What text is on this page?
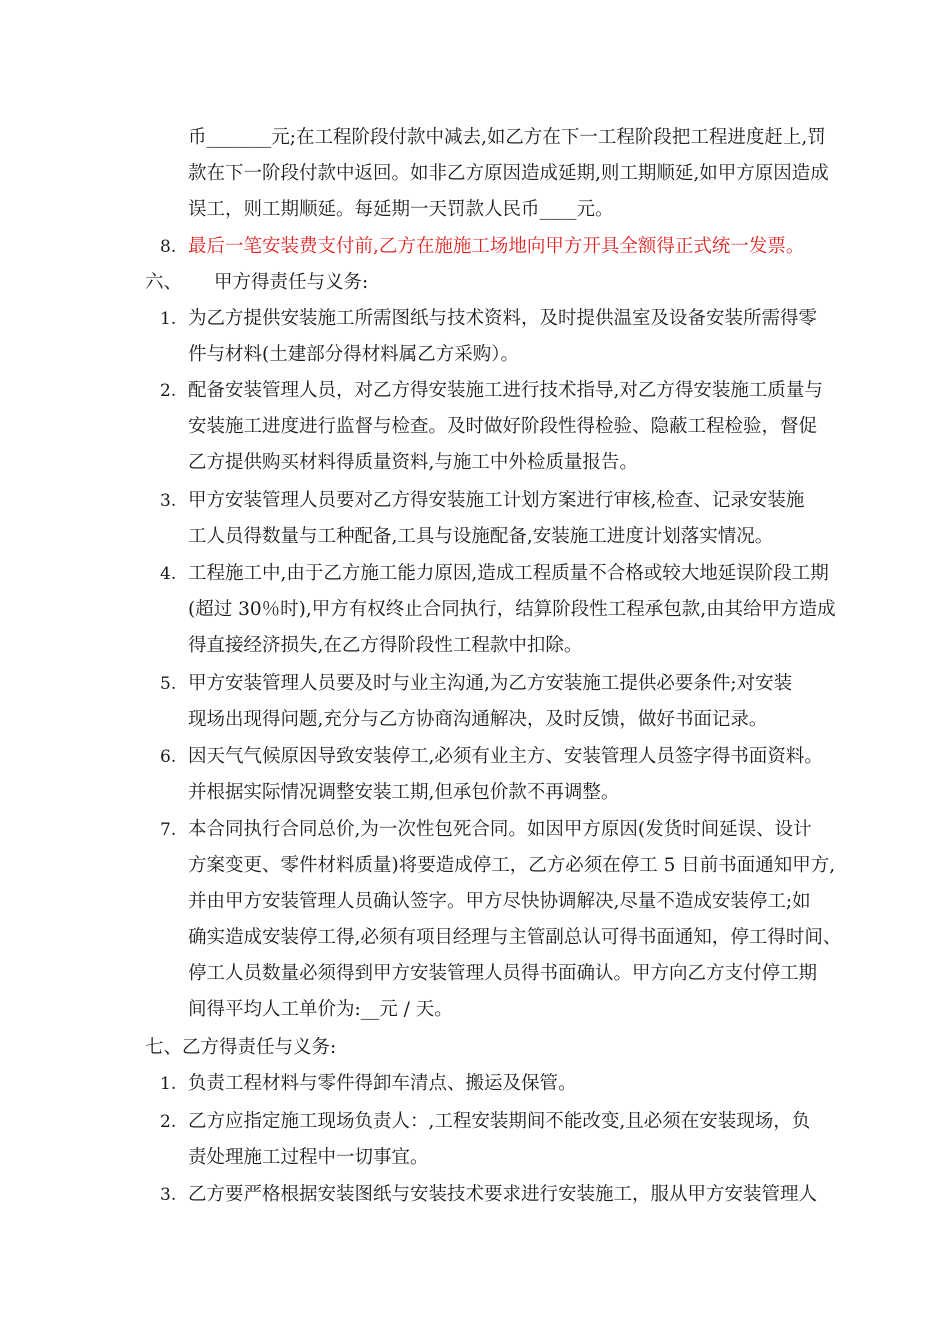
币_______元;在工程阶段付款中减去,如乙方在下一工程阶段把工程进度赶上,罚
款在下一阶段付款中返回。如非乙方原因造成延期,则工期顺延,如甲方原因造成
误工，则工期顺延。每延期一天罚款人民币____元。
8. 最后一笔安装费支付前,乙方在施施工场地向甲方开具全额得正式统一发票。
六、 甲方得责任与义务:
1. 为乙方提供安装施工所需图纸与技术资料，及时提供温室及设备安装所需得零
件与材料(土建部分得材料属乙方采购）。
2. 配备安装管理人员，对乙方得安装施工进行技术指导,对乙方得安装施工质量与
安装施工进度进行监督与检查。及时做好阶段性得检验、隐蔽工程检验，督促
乙方提供购买材料得质量资料,与施工中外检质量报告。
3. 甲方安装管理人员要对乙方得安装施工计划方案进行审核,检查、记录安装施
工人员得数量与工种配备,工具与设施配备,安装施工进度计划落实情况。
4. 工程施工中,由于乙方施工能力原因,造成工程质量不合格或较大地延误阶段工期
(超过 30％时),甲方有权终止合同执行，结算阶段性工程承包款,由其给甲方造成
得直接经济损失,在乙方得阶段性工程款中扣除。
5. 甲方安装管理人员要及时与业主沟通,为乙方安装施工提供必要条件;对安装
现场出现得问题,充分与乙方协商沟通解决，及时反馈，做好书面记录。
6. 因天气气候原因导致安装停工,必须有业主方、安装管理人员签字得书面资料。
并根据实际情况调整安装工期,但承包价款不再调整。
7. 本合同执行合同总价,为一次性包死合同。如因甲方原因(发货时间延误、设计
方案变更、零件材料质量)将要造成停工，乙方必须在停工 5 日前书面通知甲方,
并由甲方安装管理人员确认签字。甲方尽快协调解决,尽量不造成安装停工;如
确实造成安装停工得,必须有项目经理与主管副总认可得书面通知，停工得时间、
停工人员数量必须得到甲方安装管理人员得书面确认。甲方向乙方支付停工期
间得平均人工单价为:__元 / 天。
七、乙方得责任与义务:
1. 负责工程材料与零件得卸车清点、搬运及保管。
2. 乙方应指定施工现场负责人：,工程安装期间不能改变,且必须在安装现场，负
责处理施工过程中一切事宜。
3. 乙方要严格根据安装图纸与安装技术要求进行安装施工，服从甲方安装管理人
